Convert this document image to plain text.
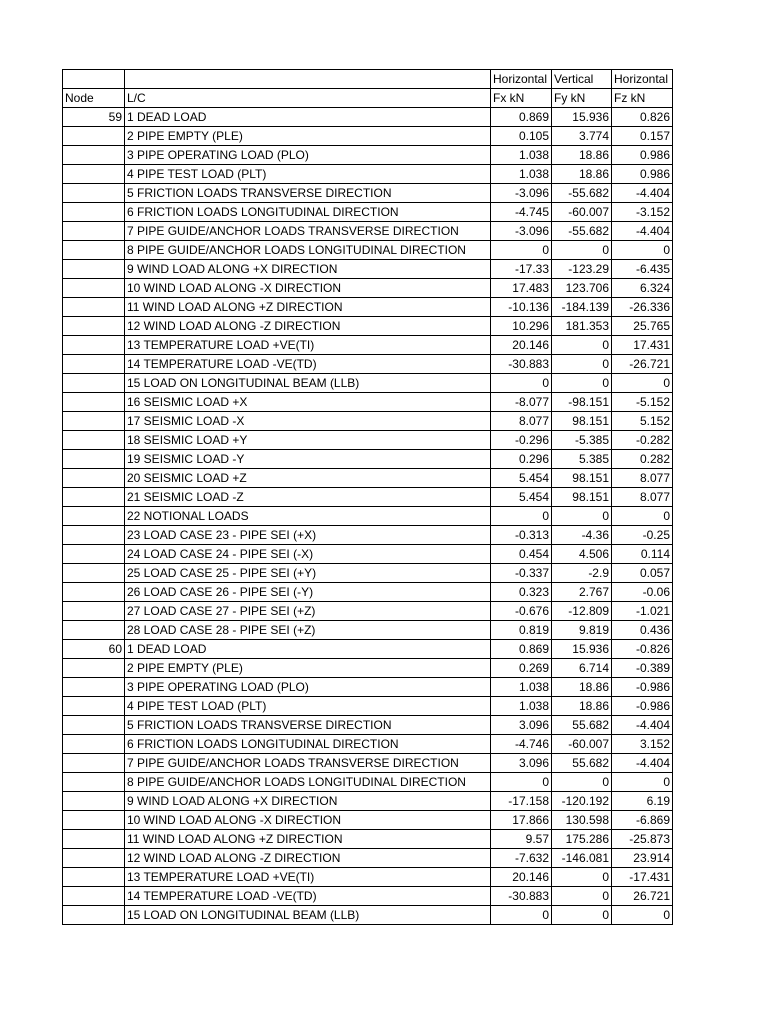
		Horizontal	Vertical	Horizontal
Node	L/C	Fx kN	Fy kN	Fz kN
59	1 DEAD LOAD	0.869	15.936	0.826
	2 PIPE EMPTY (PLE)	0.105	3.774	0.157
	3 PIPE OPERATING LOAD (PLO)	1.038	18.86	0.986
	4 PIPE TEST LOAD (PLT)	1.038	18.86	0.986
	5 FRICTION LOADS TRANSVERSE DIRECTION	-3.096	-55.682	-4.404
	6 FRICTION LOADS LONGITUDINAL DIRECTION	-4.745	-60.007	-3.152
	7 PIPE GUIDE/ANCHOR LOADS TRANSVERSE DIRECTION	-3.096	-55.682	-4.404
	8 PIPE GUIDE/ANCHOR LOADS LONGITUDINAL DIRECTION	0	0	0
	9 WIND LOAD ALONG +X DIRECTION	-17.33	-123.29	-6.435
	10 WIND LOAD ALONG -X DIRECTION	17.483	123.706	6.324
	11 WIND LOAD ALONG +Z DIRECTION	-10.136	-184.139	-26.336
	12 WIND LOAD ALONG -Z DIRECTION	10.296	181.353	25.765
	13 TEMPERATURE LOAD +VE(TI)	20.146	0	17.431
	14 TEMPERATURE LOAD -VE(TD)	-30.883	0	-26.721
	15 LOAD ON LONGITUDINAL BEAM (LLB)	0	0	0
	16 SEISMIC LOAD +X	-8.077	-98.151	-5.152
	17 SEISMIC LOAD -X	8.077	98.151	5.152
	18 SEISMIC LOAD +Y	-0.296	-5.385	-0.282
	19 SEISMIC LOAD -Y	0.296	5.385	0.282
	20 SEISMIC LOAD +Z	5.454	98.151	8.077
	21 SEISMIC LOAD -Z	5.454	98.151	8.077
	22 NOTIONAL LOADS	0	0	0
	23 LOAD CASE 23 - PIPE SEI (+X)	-0.313	-4.36	-0.25
	24 LOAD CASE 24 - PIPE SEI (-X)	0.454	4.506	0.114
	25 LOAD CASE 25 - PIPE SEI (+Y)	-0.337	-2.9	0.057
	26 LOAD CASE 26 - PIPE SEI (-Y)	0.323	2.767	-0.06
	27 LOAD CASE 27 - PIPE SEI (+Z)	-0.676	-12.809	-1.021
	28 LOAD CASE 28 - PIPE SEI (+Z)	0.819	9.819	0.436
60	1 DEAD LOAD	0.869	15.936	-0.826
	2 PIPE EMPTY (PLE)	0.269	6.714	-0.389
	3 PIPE OPERATING LOAD (PLO)	1.038	18.86	-0.986
	4 PIPE TEST LOAD (PLT)	1.038	18.86	-0.986
	5 FRICTION LOADS TRANSVERSE DIRECTION	3.096	55.682	-4.404
	6 FRICTION LOADS LONGITUDINAL DIRECTION	-4.746	-60.007	3.152
	7 PIPE GUIDE/ANCHOR LOADS TRANSVERSE DIRECTION	3.096	55.682	-4.404
	8 PIPE GUIDE/ANCHOR LOADS LONGITUDINAL DIRECTION	0	0	0
	9 WIND LOAD ALONG +X DIRECTION	-17.158	-120.192	6.19
	10 WIND LOAD ALONG -X DIRECTION	17.866	130.598	-6.869
	11 WIND LOAD ALONG +Z DIRECTION	9.57	175.286	-25.873
	12 WIND LOAD ALONG -Z DIRECTION	-7.632	-146.081	23.914
	13 TEMPERATURE LOAD +VE(TI)	20.146	0	-17.431
	14 TEMPERATURE LOAD -VE(TD)	-30.883	0	26.721
	15 LOAD ON LONGITUDINAL BEAM (LLB)	0	0	0
